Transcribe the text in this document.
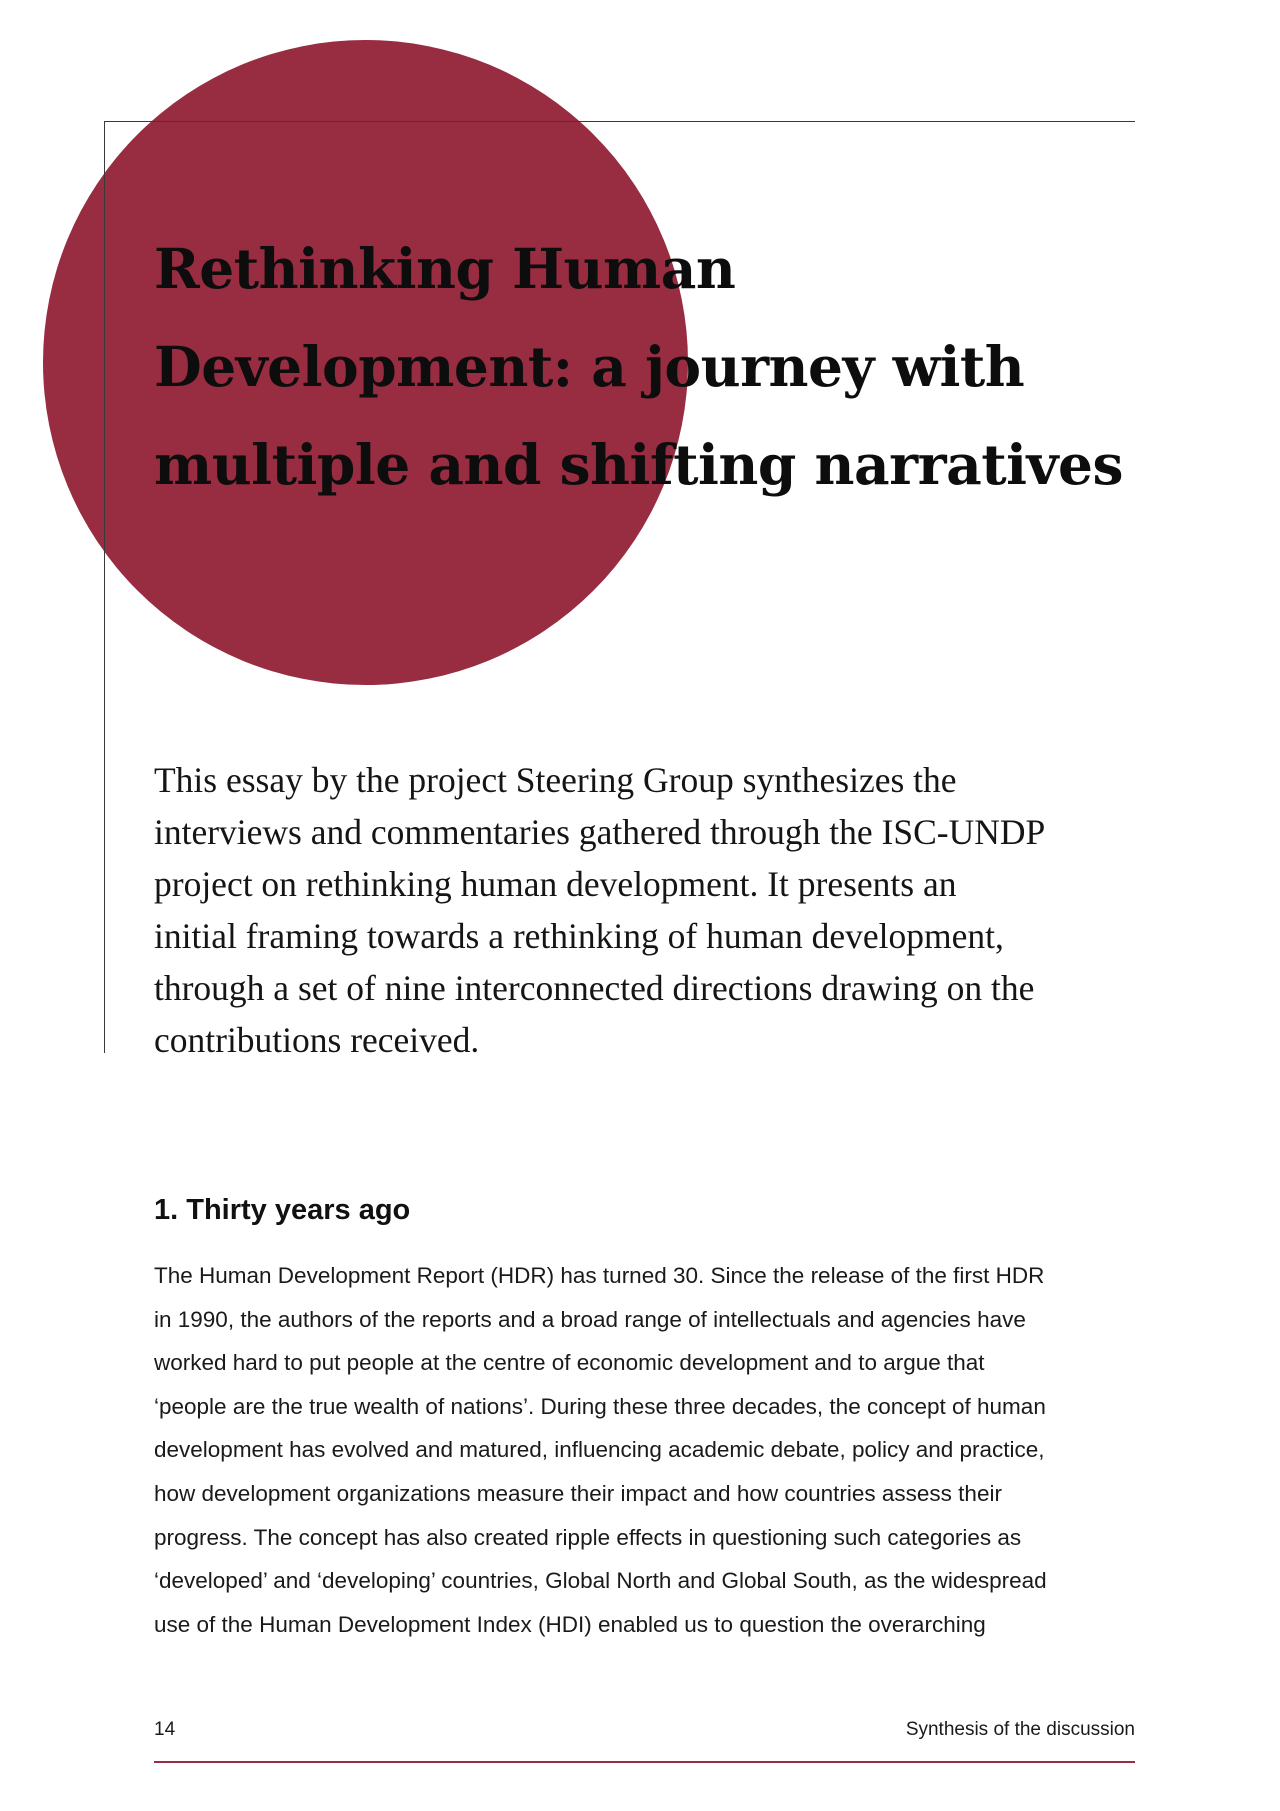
Rethinking Human
Development: a journey with
multiple and shifting narratives

This essay by the project Steering Group synthesizes the
interviews and commentaries gathered through the ISC-UNDP
project on rethinking human development. It presents an
initial framing towards a rethinking of human development,
through a set of nine interconnected directions drawing on the
contributions received.

1. Thirty years ago

The Human Development Report (HDR) has turned 30. Since the release of the first HDR
in 1990, the authors of the reports and a broad range of intellectuals and agencies have
worked hard to put people at the centre of economic development and to argue that
‘people are the true wealth of nations’. During these three decades, the concept of human
development has evolved and matured, influencing academic debate, policy and practice,
how development organizations measure their impact and how countries assess their
progress. The concept has also created ripple effects in questioning such categories as
‘developed’ and ‘developing’ countries, Global North and Global South, as the widespread
use of the Human Development Index (HDI) enabled us to question the overarching

14	Synthesis of the discussion
